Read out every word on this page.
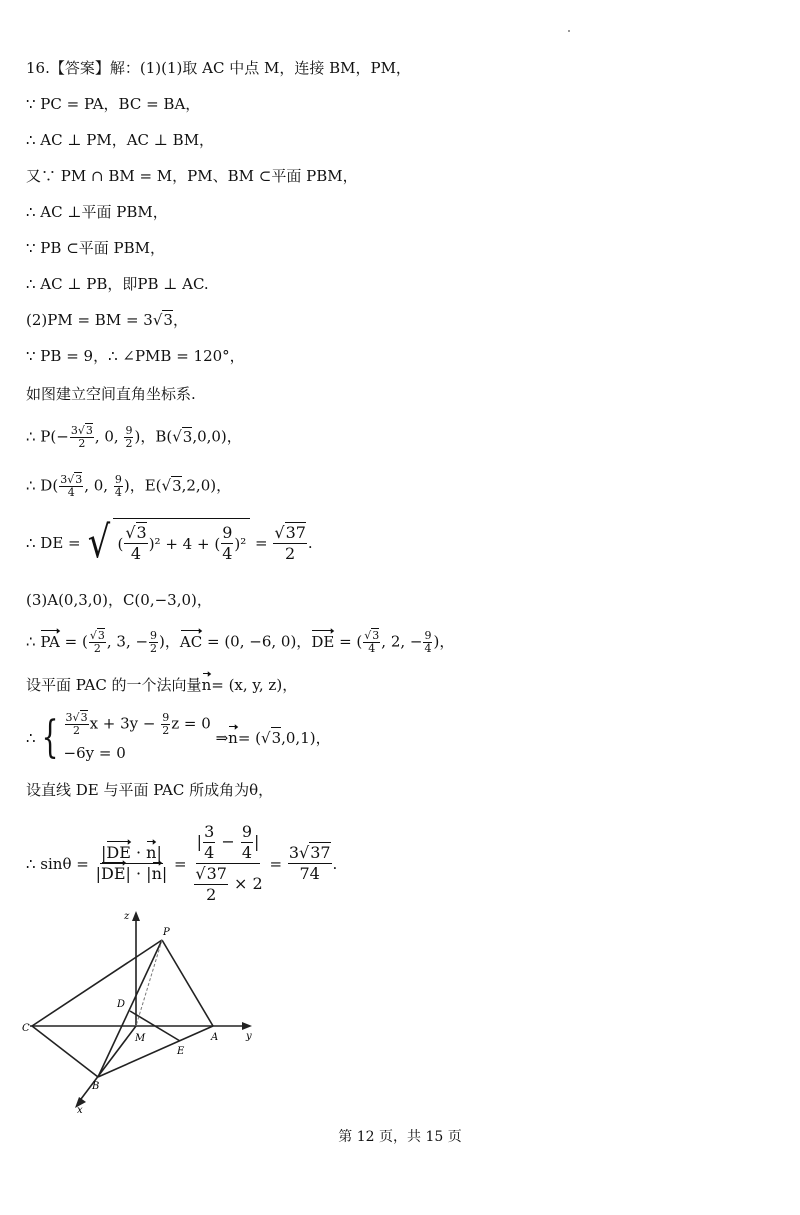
16.【答案】解：(1)(1)取 AC 中点 M，连接 BM，PM，
∵ PC = PA，BC = BA，
∴ AC ⊥ PM，AC ⊥ BM，
又∵ PM ∩ BM = M，PM、BM ⊂平面 PBM，
∴ AC ⊥平面 PBM，
∵ PB ⊂平面 PBM，
∴ AC ⊥ PB，即PB ⊥ AC.
(2)PM = BM = 3√3，
∵ PB = 9，∴ ∠PMB = 120°，
如图建立空间直角坐标系.
∴ $P(- \frac{3√3}{2}$ , 0, $\frac{9}{2}$ )，B(√3,0,0)，
∴ $D( \frac{3√3}{4}$ , 0, $\frac{9}{4}$ )，E(√3,2,0)，
∴ DE = √ ( $\frac{√3}{4} )^2 + 4$ + ( $\frac{9}{4} )^2 = \frac{√37}{2}$ .
(3)A(0,3,0)，C(0,−3,0)，
∴ PA = ( $\frac{√3}{2}$ , 3, − $\frac{9}{2}$ )，AC = (0, −6, 0)，DE = ( $\frac{√3}{4}$ , 2, − $\frac{9}{4}$ )，
设平面 PAC 的一个法向量n= (x, y, z)，
∴ { $\frac{3√3}{2}$ $x + 3y - \frac{9}{2}$ z = 0
−6y = 0
⇒ n = (√ 3 ,0,1)，
设直线 DE 与平面 PAC 所成角为θ，
∴ $\sin\theta = \frac{|DE \cdot n|}{|DE| \cdot |n|} = \frac{| \frac{3}{4} - \frac{9}{4} |}{\frac{√37}{2} \times 2} = \frac{3√37}{74}$ .
z
P
D
C
M	A	y
E
B
x
第 12 页，共 15 页
